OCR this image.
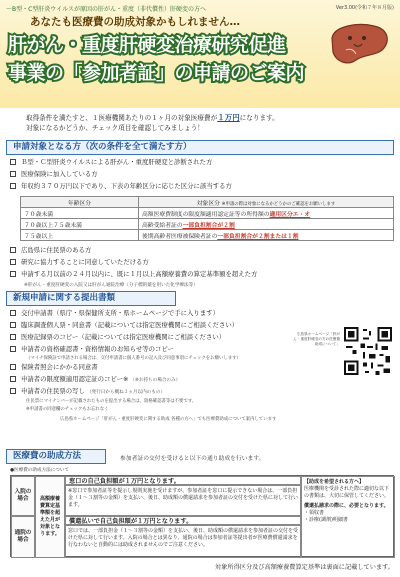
～B型・C型肝炎ウイルスが原因の肝がん・重度（非代償性）肝硬変の方へ	Ver3.00(令和７年８月版)
あなたも医療費の助成対象かもしれません…
肝がん・重度肝硬変治療研究促進
事業の「参加者証」の申請のご案内
取得条件を満たすと、１医療機関あたりの１ヶ月の対象医療費が１万円になります。
対象になるかどうか、チェック項目を確認してみましょう！
申請対象となる方（次の条件を全て満たす方）
Ｂ型・Ｃ型肝炎ウイルスによる肝がん・重度肝硬変と診断された方
医療保険に加入している方
年収約３７０万円以下であり、下表の年齢区分に応じた区分に該当する方
年齢区分	対象区分 ※申請の際は対象になるかどうかのご確認をお願いします
７０歳未満	高額医療費制度の限度額適用認定証等の所得額の適用区分エ・オ
７０歳以上７５歳未満	高齢受給者証の一部負担割合が２割
７５歳以上	後期高齢者医療被保険者証の一部負担割合が２割または１割
広島県に住民票のある方
研究に協力することに同意していただける方
申請する月以前の２４月以内に、既に１月以上高額療養費の算定基準額を超えた方
※肝がん・重度肝硬変の入院又は肝がん通院治療（分子標的薬を用いた化学療法等）
新規申請に関する提出書類
交付申請書（県庁・県保健所支所・県ホームページで手に入ります）
臨床調査個人票・同意書（記載については指定医療機関にご相談ください）
医療記録票のコピー（記載については指定医療機関にご相談ください）
申請者の資格確認書・資格情報のお知らせ等のコピー
（マイナ保険証で申請される場合は、交付申請書に個人番号の記入及び同意事項にチェックをお願いします）
保険者照会にかかる同意書
申請者の限度額適用認定証のコピー※ （※お持ちの場合のみ）
申請者の住民票の写し （発行日から概ね３ヵ月以内のもの）
住民票にマイナンバーが記載されたものを提出する場合は、資格確認書等は不要です。
※申請書の同意欄のチェックもお忘れなく
広島県ホームページ「肝がん・重度肝硬変に関する助成 各種の方へ」でも医療費助成について案内しています
広島県ホームページ「肝がん・重度肝硬変の方の医療費助成について」
医療費の助成方法	参加者証の交付を受けると以下の通り助成を行います。
●医療費の助成方法について
入院の場合
通院の場合
高額療養費算定基準額を超えた月が対象となります。
窓口の自己負担額が１万円となります。
※窓口で参加者証等を提示し規則実施を受けますが、参加者証を窓口に提示できない場合は、一部負担金（１～３割等の金額）を支払い、後日、助成額の償還請求を参加者証の交付を受けた県に対して行います。
償還払いで自己負担額が１万円となります。
窓口では、一部負担金（１～３割等の金額）を支払い、後日、助成額の償還請求を参加者証の交付を受けた県に対して行います。入院の場合とは異なり、通院の場合は参加者証等提出者が医療費償還請求を行なわないと自動的には助成されませんのでご注意ください。
【助成を希望される方へ】
医療機関を受診された際に適切な以下の書類は、大切に保管してください。
償還払請求の際に、必要となります。
・領収書
・診療(調剤)明細書
対象所得区分及び高額療養費算定基準は裏面に記載しています。
